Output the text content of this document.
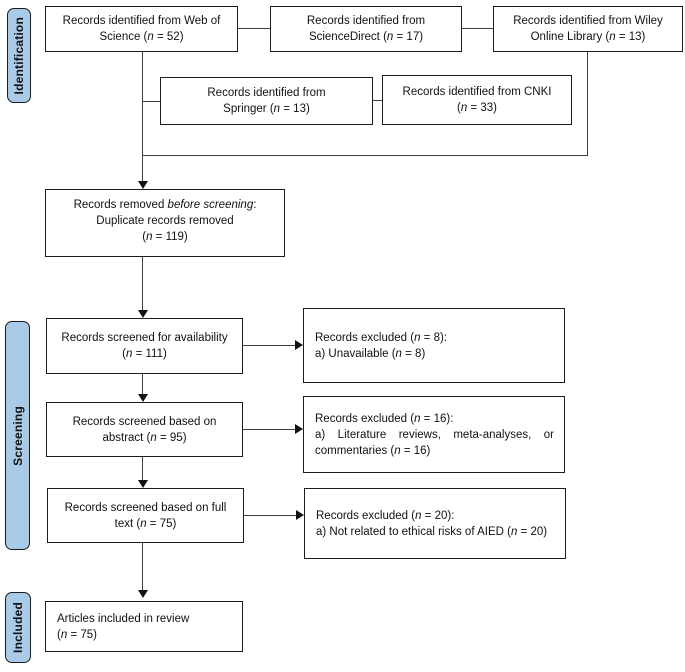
Identification
Screening
Included
Records identified from Web of
Science (n = 52)
Records identified from
ScienceDirect (n = 17)
Records identified from Wiley
Online Library (n = 13)
Records identified from
Springer (n = 13)
Records identified from CNKI
(n = 33)
Records removed before screening:
Duplicate records removed
(n = 119)
Records screened for availability
(n = 111)
Records screened based on
abstract (n = 95)
Records screened based on full
text (n = 75)
Records excluded (n = 8):
a) Unavailable (n = 8)
Records excluded (n = 16):
a) Literature reviews, meta-analyses, or commentaries (n = 16)
Records excluded (n = 20):
a) Not related to ethical risks of AIED (n = 20)
Articles included in review
(n = 75)
